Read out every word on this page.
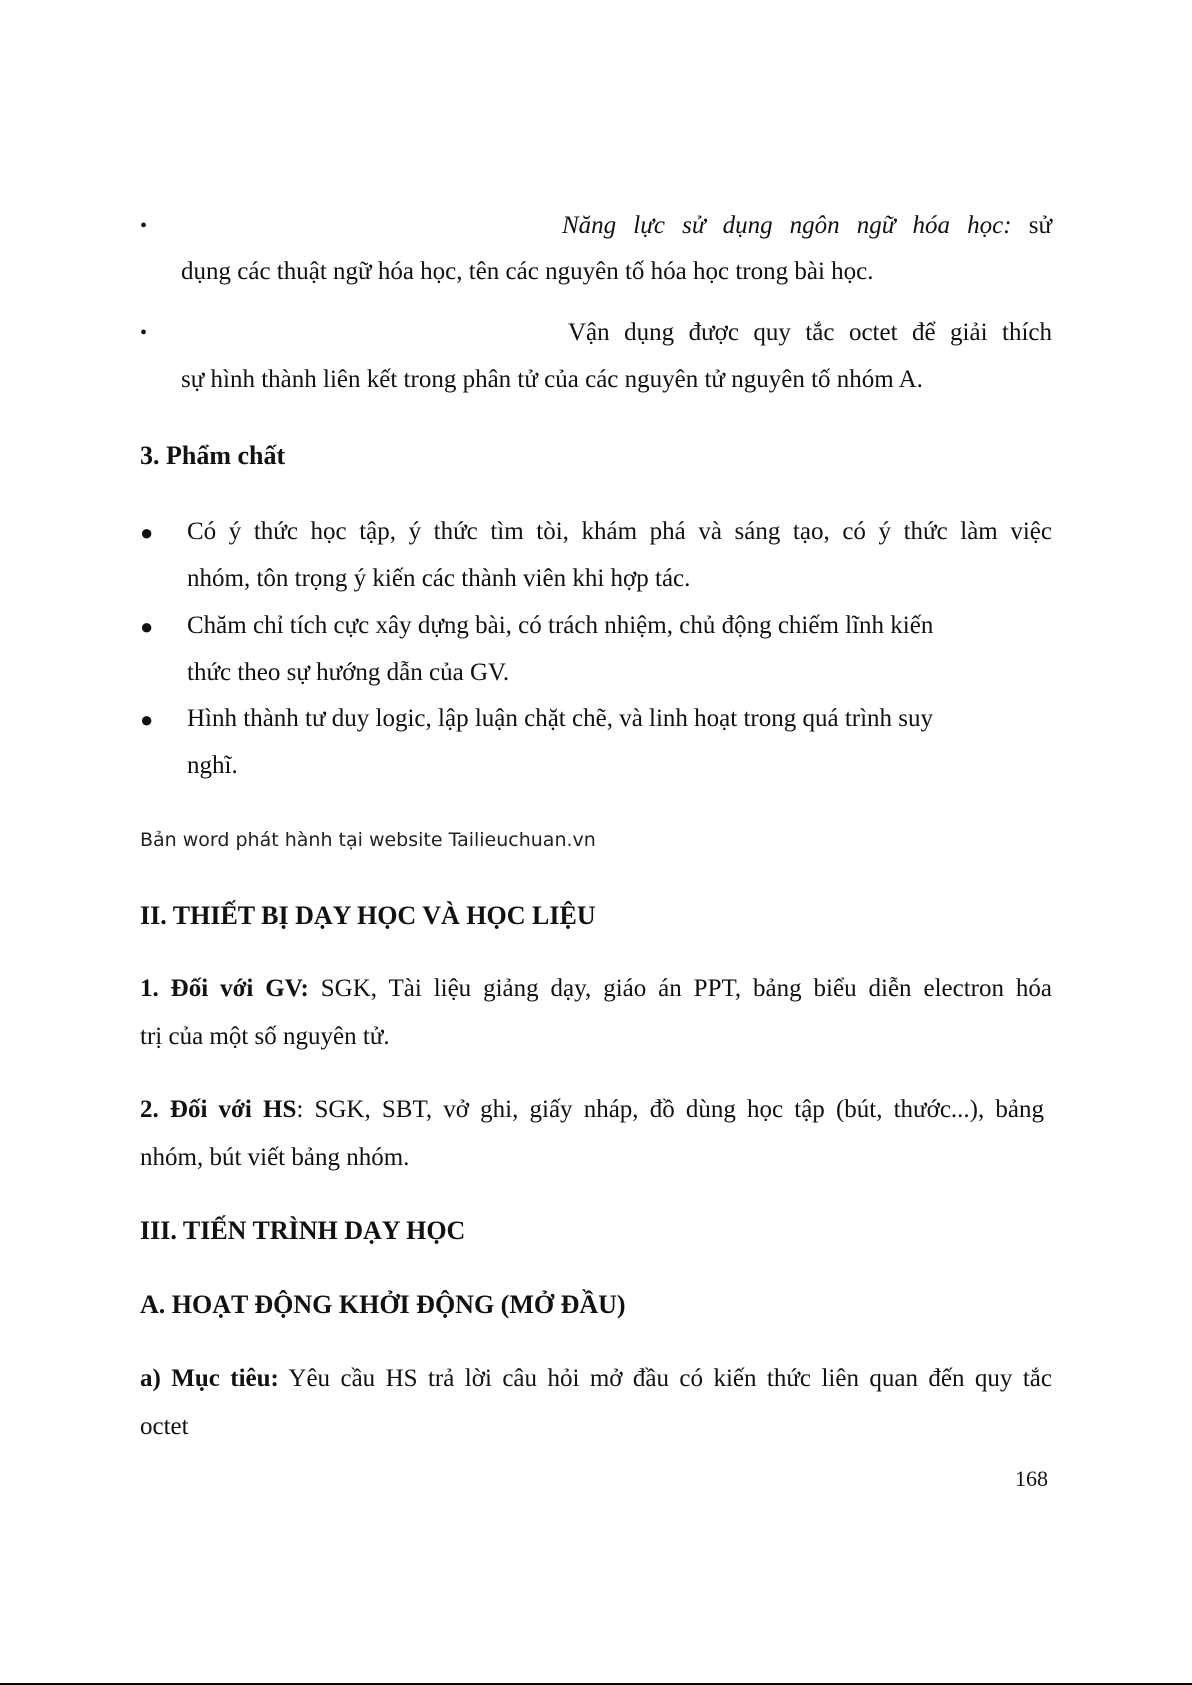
•	Năng lực sử dụng ngôn ngữ hóa học: sử
dụng các thuật ngữ hóa học, tên các nguyên tố hóa học trong bài học.
•	Vận dụng được quy tắc octet để giải thích
sự hình thành liên kết trong phân tử của các nguyên tử nguyên tố nhóm A.
3. Phẩm chất
● Có ý thức học tập, ý thức tìm tòi, khám phá và sáng tạo, có ý thức làm việc
nhóm, tôn trọng ý kiến các thành viên khi hợp tác.
● Chăm chỉ tích cực xây dựng bài, có trách nhiệm, chủ động chiếm lĩnh kiến
thức theo sự hướng dẫn của GV.
● Hình thành tư duy logic, lập luận chặt chẽ, và linh hoạt trong quá trình suy
nghĩ.
Bản word phát hành tại website Tailieuchuan.vn
II. THIẾT BỊ DẠY HỌC VÀ HỌC LIỆU
1. Đối với GV: SGK, Tài liệu giảng dạy, giáo án PPT, bảng biểu diễn electron hóa
trị của một số nguyên tử.
2. Đối với HS: SGK, SBT, vở ghi, giấy nháp, đồ dùng học tập (bút, thước...), bảng
nhóm, bút viết bảng nhóm.
III. TIẾN TRÌNH DẠY HỌC
A. HOẠT ĐỘNG KHỞI ĐỘNG (MỞ ĐẦU)
a) Mục tiêu: Yêu cầu HS trả lời câu hỏi mở đầu có kiến thức liên quan đến quy tắc
octet
168
